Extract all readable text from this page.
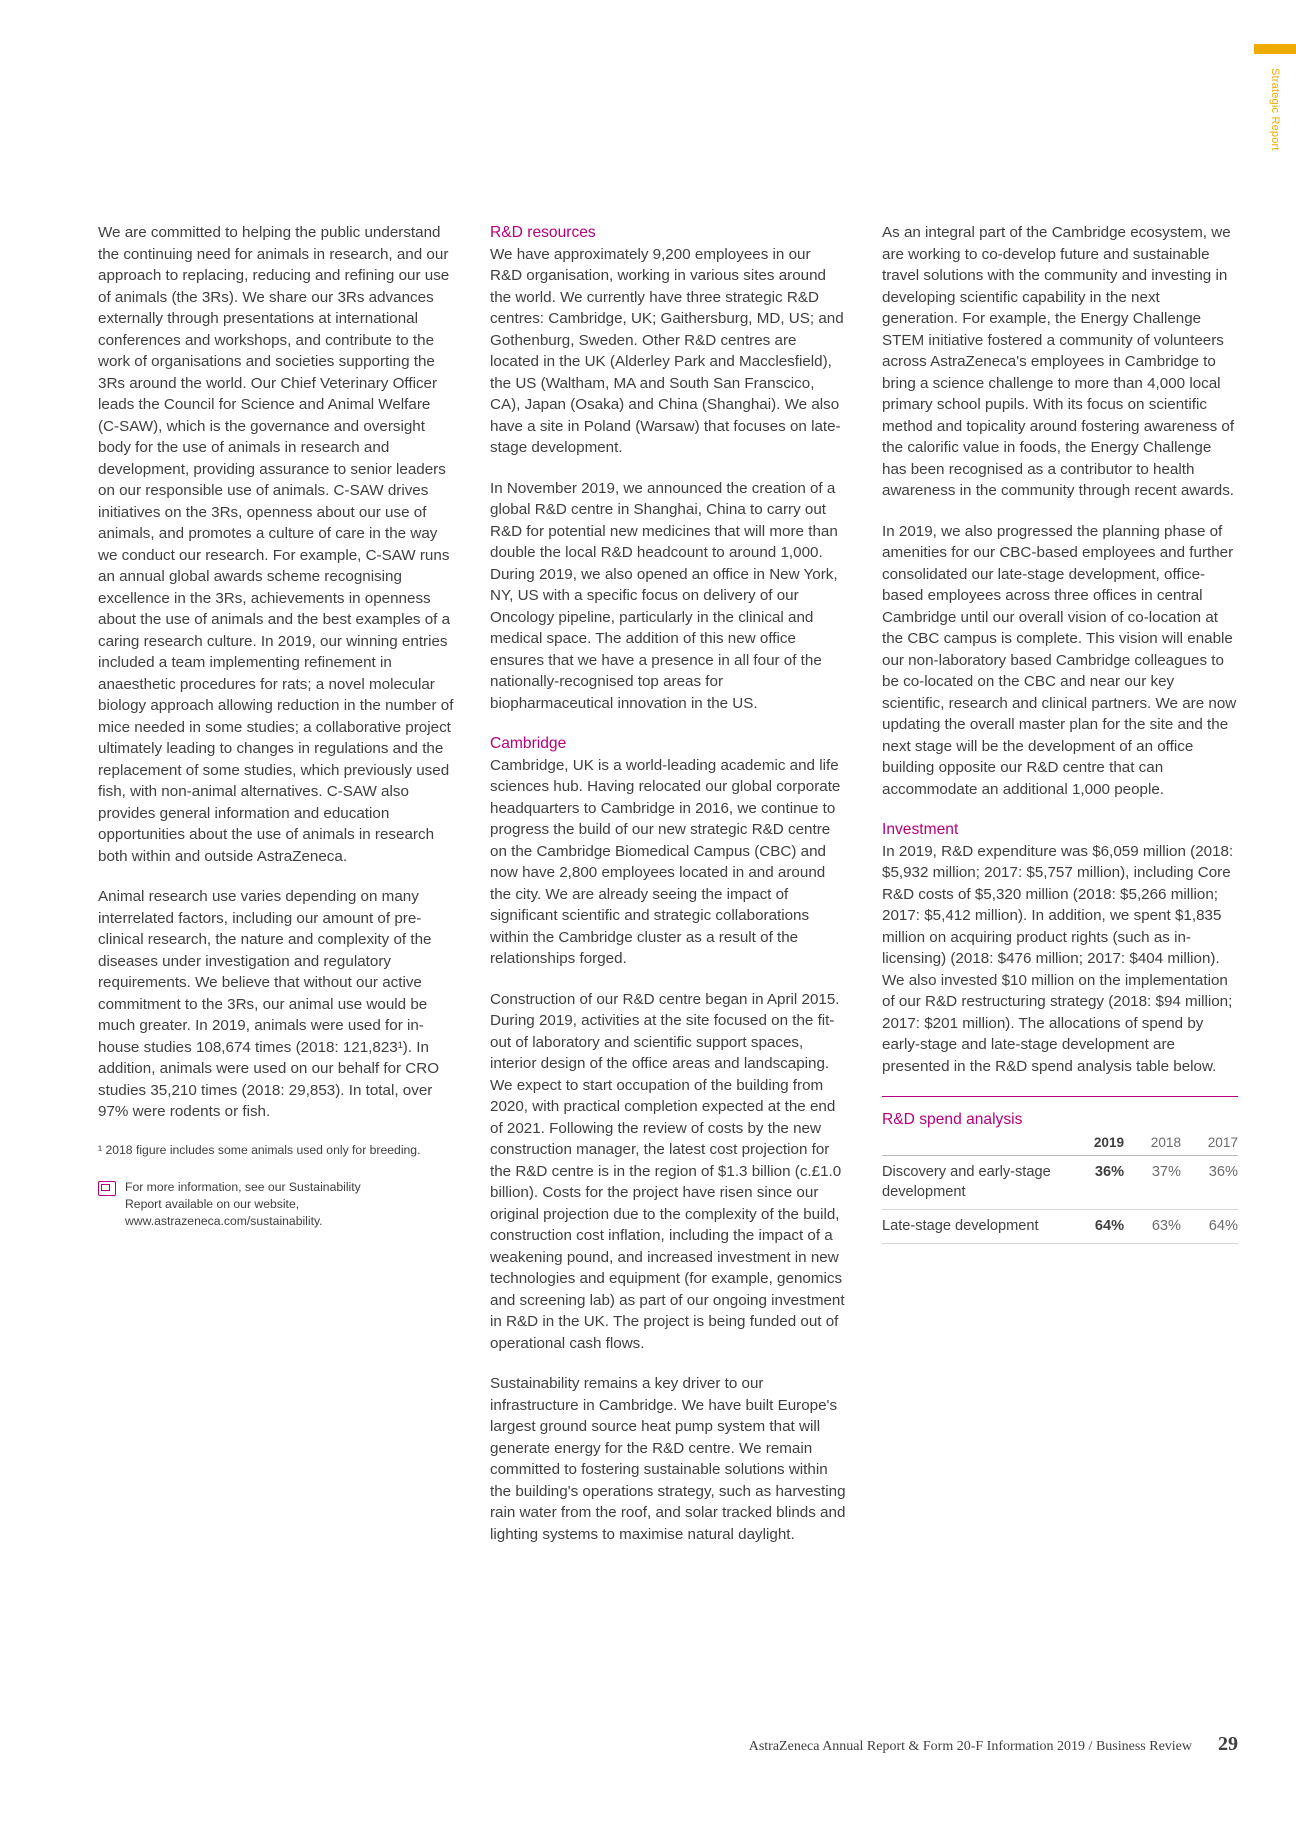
Strategic Report

We are committed to helping the public understand the continuing need for animals in research, and our approach to replacing, reducing and refining our use of animals (the 3Rs). We share our 3Rs advances externally through presentations at international conferences and workshops, and contribute to the work of organisations and societies supporting the 3Rs around the world. Our Chief Veterinary Officer leads the Council for Science and Animal Welfare (C-SAW), which is the governance and oversight body for the use of animals in research and development, providing assurance to senior leaders on our responsible use of animals. C-SAW drives initiatives on the 3Rs, openness about our use of animals, and promotes a culture of care in the way we conduct our research. For example, C-SAW runs an annual global awards scheme recognising excellence in the 3Rs, achievements in openness about the use of animals and the best examples of a caring research culture. In 2019, our winning entries included a team implementing refinement in anaesthetic procedures for rats; a novel molecular biology approach allowing reduction in the number of mice needed in some studies; a collaborative project ultimately leading to changes in regulations and the replacement of some studies, which previously used fish, with non-animal alternatives. C-SAW also provides general information and education opportunities about the use of animals in research both within and outside AstraZeneca.

Animal research use varies depending on many interrelated factors, including our amount of pre-clinical research, the nature and complexity of the diseases under investigation and regulatory requirements. We believe that without our active commitment to the 3Rs, our animal use would be much greater. In 2019, animals were used for in-house studies 108,674 times (2018: 121,823¹). In addition, animals were used on our behalf for CRO studies 35,210 times (2018: 29,853). In total, over 97% were rodents or fish.

¹ 2018 figure includes some animals used only for breeding.
For more information, see our Sustainability
Report available on our website,
www.astrazeneca.com/sustainability.
R&D resources

We have approximately 9,200 employees in our R&D organisation, working in various sites around the world. We currently have three strategic R&D centres: Cambridge, UK; Gaithersburg, MD, US; and Gothenburg, Sweden. Other R&D centres are located in the UK (Alderley Park and Macclesfield), the US (Waltham, MA and South San Franscico, CA), Japan (Osaka) and China (Shanghai). We also have a site in Poland (Warsaw) that focuses on late-stage development.

In November 2019, we announced the creation of a global R&D centre in Shanghai, China to carry out R&D for potential new medicines that will more than double the local R&D headcount to around 1,000. During 2019, we also opened an office in New York, NY, US with a specific focus on delivery of our Oncology pipeline, particularly in the clinical and medical space. The addition of this new office ensures that we have a presence in all four of the nationally-recognised top areas for biopharmaceutical innovation in the US.

Cambridge

Cambridge, UK is a world-leading academic and life sciences hub. Having relocated our global corporate headquarters to Cambridge in 2016, we continue to progress the build of our new strategic R&D centre on the Cambridge Biomedical Campus (CBC) and now have 2,800 employees located in and around the city. We are already seeing the impact of significant scientific and strategic collaborations within the Cambridge cluster as a result of the relationships forged.

Construction of our R&D centre began in April 2015. During 2019, activities at the site focused on the fit-out of laboratory and scientific support spaces, interior design of the office areas and landscaping. We expect to start occupation of the building from 2020, with practical completion expected at the end of 2021. Following the review of costs by the new construction manager, the latest cost projection for the R&D centre is in the region of $1.3 billion (c.£1.0 billion). Costs for the project have risen since our original projection due to the complexity of the build, construction cost inflation, including the impact of a weakening pound, and increased investment in new technologies and equipment (for example, genomics and screening lab) as part of our ongoing investment in R&D in the UK. The project is being funded out of operational cash flows.

Sustainability remains a key driver to our infrastructure in Cambridge. We have built Europe's largest ground source heat pump system that will generate energy for the R&D centre. We remain committed to fostering sustainable solutions within the building's operations strategy, such as harvesting rain water from the roof, and solar tracked blinds and lighting systems to maximise natural daylight.

As an integral part of the Cambridge ecosystem, we are working to co-develop future and sustainable travel solutions with the community and investing in developing scientific capability in the next generation. For example, the Energy Challenge STEM initiative fostered a community of volunteers across AstraZeneca's employees in Cambridge to bring a science challenge to more than 4,000 local primary school pupils. With its focus on scientific method and topicality around fostering awareness of the calorific value in foods, the Energy Challenge has been recognised as a contributor to health awareness in the community through recent awards.

In 2019, we also progressed the planning phase of amenities for our CBC-based employees and further consolidated our late-stage development, office-based employees across three offices in central Cambridge until our overall vision of co-location at the CBC campus is complete. This vision will enable our non-laboratory based Cambridge colleagues to be co-located on the CBC and near our key scientific, research and clinical partners. We are now updating the overall master plan for the site and the next stage will be the development of an office building opposite our R&D centre that can accommodate an additional 1,000 people.

Investment

In 2019, R&D expenditure was $6,059 million (2018: $5,932 million; 2017: $5,757 million), including Core R&D costs of $5,320 million (2018: $5,266 million; 2017: $5,412 million). In addition, we spent $1,835 million on acquiring product rights (such as in-licensing) (2018: $476 million; 2017: $404 million). We also invested $10 million on the implementation of our R&D restructuring strategy (2018: $94 million; 2017: $201 million). The allocations of spend by early-stage and late-stage development are presented in the R&D spend analysis table below.

R&D spend analysis
	2019	2018	2017
Discovery and early-stage development	36%	37%	36%
Late-stage development	64%	63%	64%
AstraZeneca Annual Report & Form 20-F Information 2019 / Business Review 29
